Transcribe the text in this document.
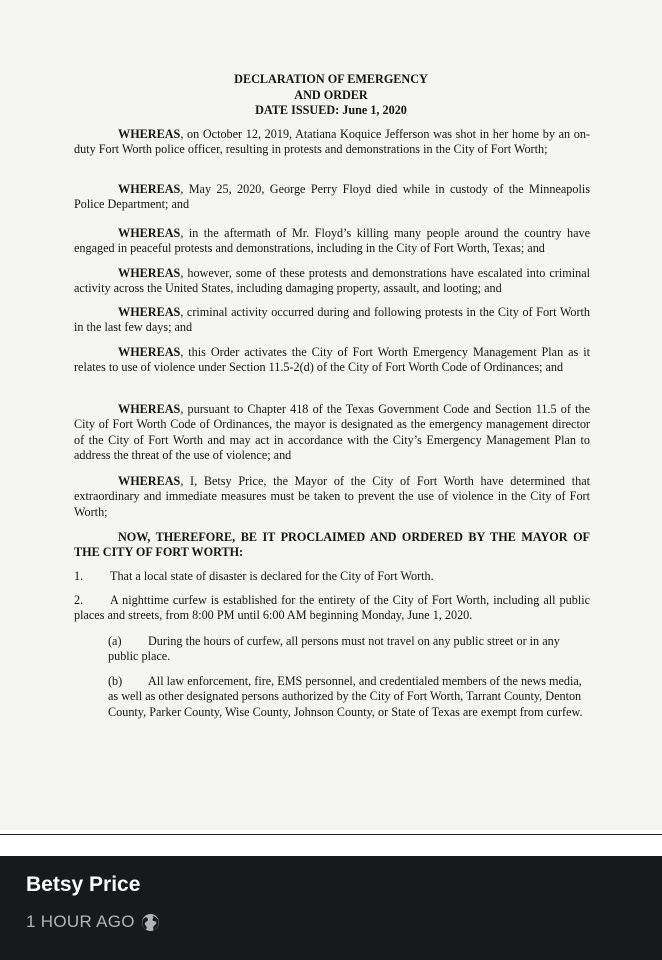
DECLARATION OF EMERGENCY
AND ORDER
DATE ISSUED: June 1, 2020

WHEREAS, on October 12, 2019, Atatiana Koquice Jefferson was shot in her home by an on-duty Fort Worth police officer, resulting in protests and demonstrations in the City of Fort Worth;

WHEREAS, May 25, 2020, George Perry Floyd died while in custody of the Minneapolis Police Department; and

WHEREAS, in the aftermath of Mr. Floyd’s killing many people around the country have engaged in peaceful protests and demonstrations, including in the City of Fort Worth, Texas; and

WHEREAS, however, some of these protests and demonstrations have escalated into criminal activity across the United States, including damaging property, assault, and looting; and

WHEREAS, criminal activity occurred during and following protests in the City of Fort Worth in the last few days; and

WHEREAS, this Order activates the City of Fort Worth Emergency Management Plan as it relates to use of violence under Section 11.5-2(d) of the City of Fort Worth Code of Ordinances; and

WHEREAS, pursuant to Chapter 418 of the Texas Government Code and Section 11.5 of the City of Fort Worth Code of Ordinances, the mayor is designated as the emergency management director of the City of Fort Worth and may act in accordance with the City’s Emergency Management Plan to address the threat of the use of violence; and

WHEREAS, I, Betsy Price, the Mayor of the City of Fort Worth have determined that extraordinary and immediate measures must be taken to prevent the use of violence in the City of Fort Worth;

NOW, THEREFORE, BE IT PROCLAIMED AND ORDERED BY THE MAYOR OF THE CITY OF FORT WORTH:

1. That a local state of disaster is declared for the City of Fort Worth.

2. A nighttime curfew is established for the entirety of the City of Fort Worth, including all public places and streets, from 8:00 PM until 6:00 AM beginning Monday, June 1, 2020.

(a) During the hours of curfew, all persons must not travel on any public street or in any public place.

(b) All law enforcement, fire, EMS personnel, and credentialed members of the news media, as well as other designated persons authorized by the City of Fort Worth, Tarrant County, Denton County, Parker County, Wise County, Johnson County, or State of Texas are exempt from curfew.

Betsy Price
1 HOUR AGO
